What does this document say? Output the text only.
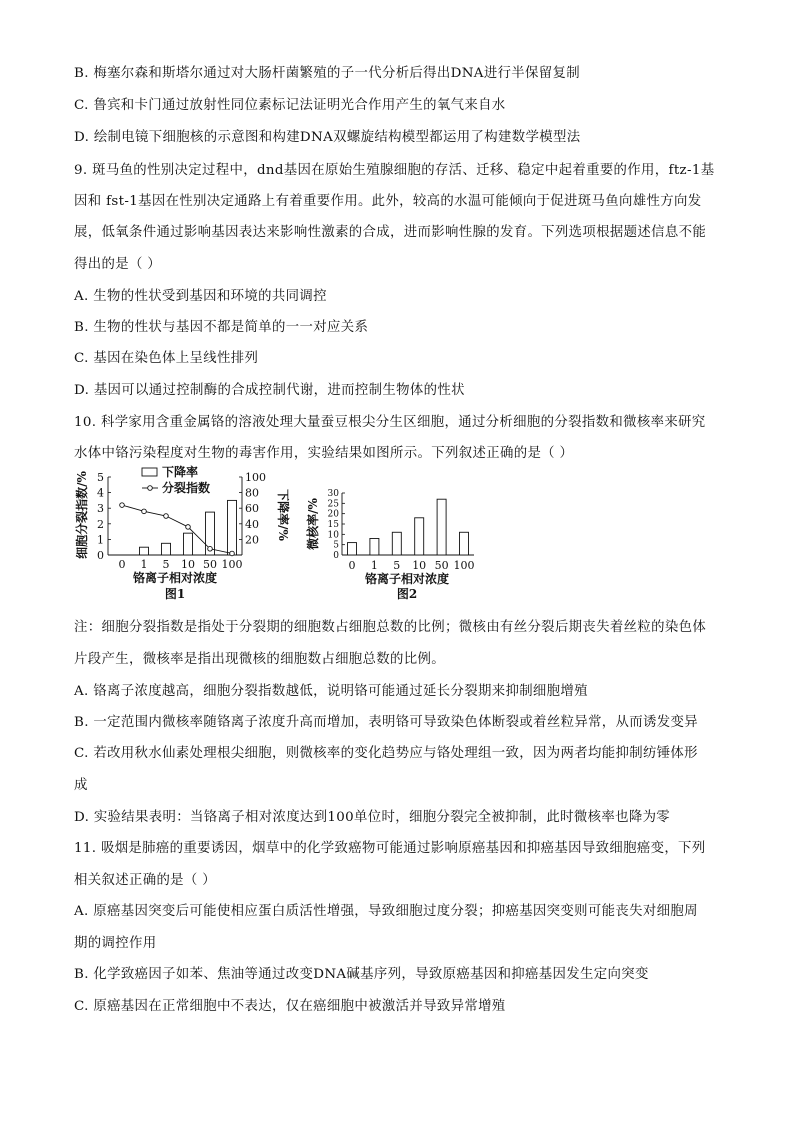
B. 梅塞尔森和斯塔尔通过对大肠杆菌繁殖的子一代分析后得出DNA进行半保留复制
C. 鲁宾和卡门通过放射性同位素标记法证明光合作用产生的氧气来自水
D. 绘制电镜下细胞核的示意图和构建DNA双螺旋结构模型都运用了构建数学模型法
9. 斑马鱼的性别决定过程中，dnd基因在原始生殖腺细胞的存活、迁移、稳定中起着重要的作用，ftz-1基
因和 fst-1基因在性别决定通路上有着重要作用。此外，较高的水温可能倾向于促进斑马鱼向雄性方向发
展，低氧条件通过影响基因表达来影响性激素的合成，进而影响性腺的发育。下列选项根据题述信息不能
得出的是（ ）
A. 生物的性状受到基因和环境的共同调控
B. 生物的性状与基因不都是简单的一一对应关系
C. 基因在染色体上呈线性排列
D. 基因可以通过控制酶的合成控制代谢，进而控制生物体的性状
10. 科学家用含重金属铬的溶液处理大量蚕豆根尖分生区细胞，通过分析细胞的分裂指数和微核率来研究
水体中铬污染程度对生物的毒害作用，实验结果如图所示。下列叙述正确的是（ ）
注：细胞分裂指数是指处于分裂期的细胞数占细胞总数的比例；微核由有丝分裂后期丧失着丝粒的染色体
片段产生，微核率是指出现微核的细胞数占细胞总数的比例。
A. 铬离子浓度越高，细胞分裂指数越低，说明铬可能通过延长分裂期来抑制细胞增殖
B. 一定范围内微核率随铬离子浓度升高而增加，表明铬可导致染色体断裂或着丝粒异常，从而诱发变异
C. 若改用秋水仙素处理根尖细胞，则微核率的变化趋势应与铬处理组一致，因为两者均能抑制纺锤体形
成
D. 实验结果表明：当铬离子相对浓度达到100单位时，细胞分裂完全被抑制，此时微核率也降为零
11. 吸烟是肺癌的重要诱因，烟草中的化学致癌物可能通过影响原癌基因和抑癌基因导致细胞癌变，下列
相关叙述正确的是（ ）
A. 原癌基因突变后可能使相应蛋白质活性增强，导致细胞过度分裂；抑癌基因突变则可能丧失对细胞周
期的调控作用
B. 化学致癌因子如苯、焦油等通过改变DNA碱基序列，导致原癌基因和抑癌基因发生定向突变
C. 原癌基因在正常细胞中不表达，仅在癌细胞中被激活并导致异常增殖
0
1
2
3
4
5
20
40
60
80
100
0 1 5 10 50 100
铬离子相对浓度
图1
细胞分裂指数/%	下降率/%
下降率
分裂指数
0
5
10
15
20
25
30
0 1 5 10 50 100
微核率/%
铬离子相对浓度
图2
